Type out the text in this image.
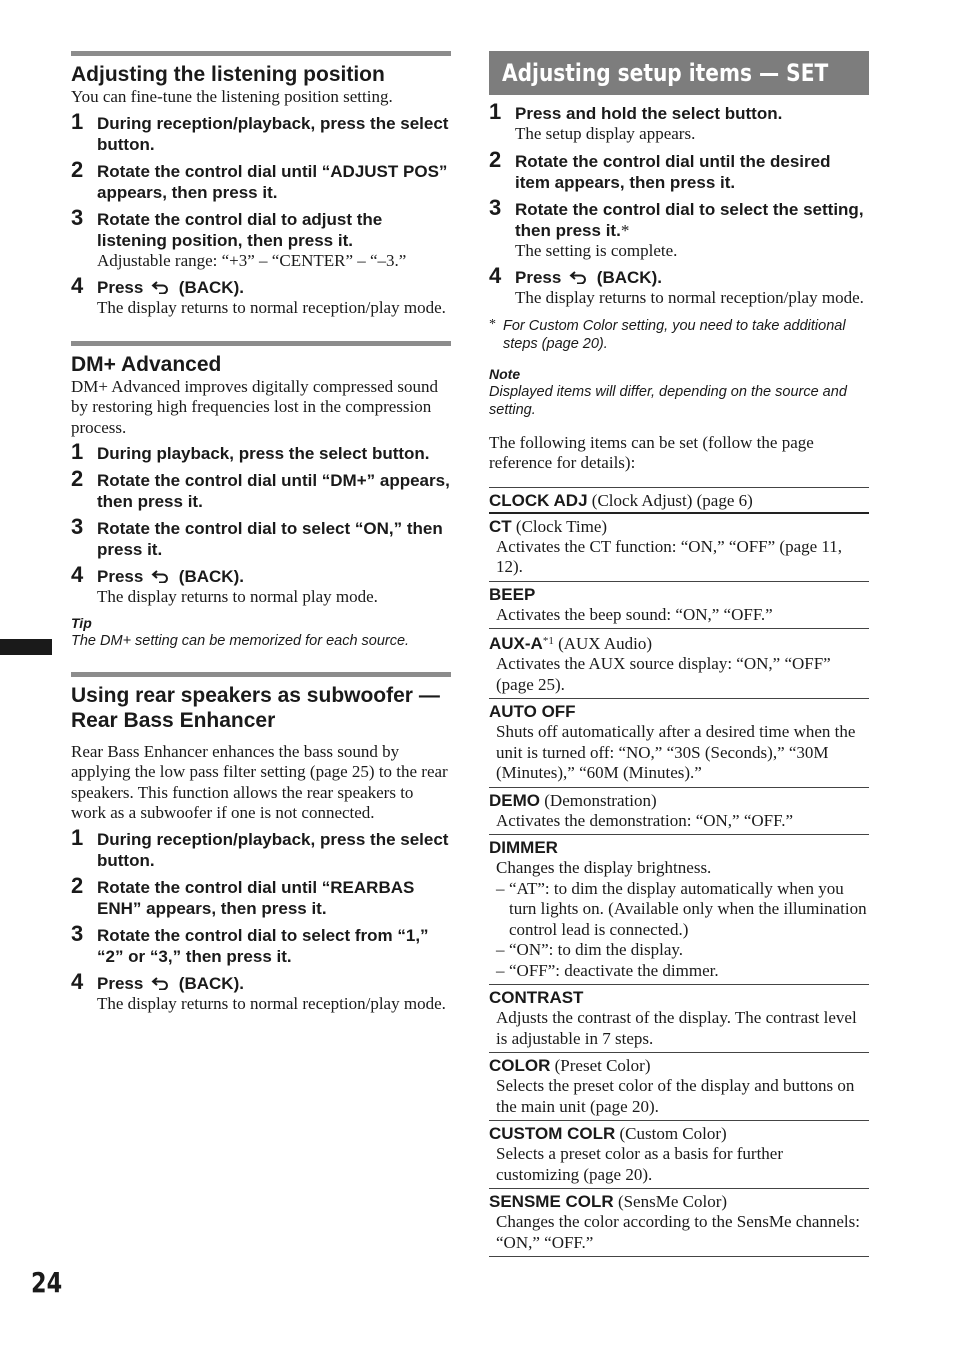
Adjusting the listening position

You can fine-tune the listening position setting.

1 During reception/playback, press the select button.
2 Rotate the control dial until “ADJUST POS” appears, then press it.
3 Rotate the control dial to adjust the listening position, then press it.
Adjustable range: “+3” – “CENTER” – “–3.”
4 Press (BACK).
The display returns to normal reception/play mode.
DM+ Advanced

DM+ Advanced improves digitally compressed sound by restoring high frequencies lost in the compression process.

1 During playback, press the select button.
2 Rotate the control dial until “DM+” appears, then press it.
3 Rotate the control dial to select “ON,” then press it.
4 Press (BACK).
The display returns to normal play mode.
Tip
The DM+ setting can be memorized for each source.
Using rear speakers as subwoofer — Rear Bass Enhancer

Rear Bass Enhancer enhances the bass sound by applying the low pass filter setting (page 25) to the rear speakers. This function allows the rear speakers to work as a subwoofer if one is not connected.

1 During reception/playback, press the select button.
2 Rotate the control dial until “REARBAS ENH” appears, then press it.
3 Rotate the control dial to select from “1,” “2” or “3,” then press it.
4 Press (BACK).
The display returns to normal reception/play mode.
Adjusting setup items — SET
1 Press and hold the select button.
The setup display appears.
2 Rotate the control dial until the desired item appears, then press it.
3 Rotate the control dial to select the setting, then press it.*
The setting is complete.
4 Press (BACK).
The display returns to normal reception/play mode.
* For Custom Color setting, you need to take additional steps (page 20).
Note
Displayed items will differ, depending on the source and setting.
The following items can be set (follow the page reference for details):
CLOCK ADJ (Clock Adjust) (page 6)
CT (Clock Time)
Activates the CT function: “ON,” “OFF” (page 11, 12).
BEEP
Activates the beep sound: “ON,” “OFF.”
AUX-$A^{*1}$ (AUX Audio)
Activates the AUX source display: “ON,” “OFF” (page 25).
AUTO OFF
Shuts off automatically after a desired time when the unit is turned off: “NO,” “30S (Seconds),” “30M (Minutes),” “60M (Minutes).”
DEMO (Demonstration)
Activates the demonstration: “ON,” “OFF.”
DIMMER
Changes the display brightness.
– “AT”: to dim the display automatically when you turn lights on. (Available only when the illumination control lead is connected.)
– “ON”: to dim the display.
– “OFF”: deactivate the dimmer.
CONTRAST
Adjusts the contrast of the display. The contrast level is adjustable in 7 steps.
COLOR (Preset Color)
Selects the preset color of the display and buttons on the main unit (page 20).
CUSTOM COLR (Custom Color)
Selects a preset color as a basis for further customizing (page 20).
SENSME COLR (SensMe Color)
Changes the color according to the SensMe channels: “ON,” “OFF.”
24
